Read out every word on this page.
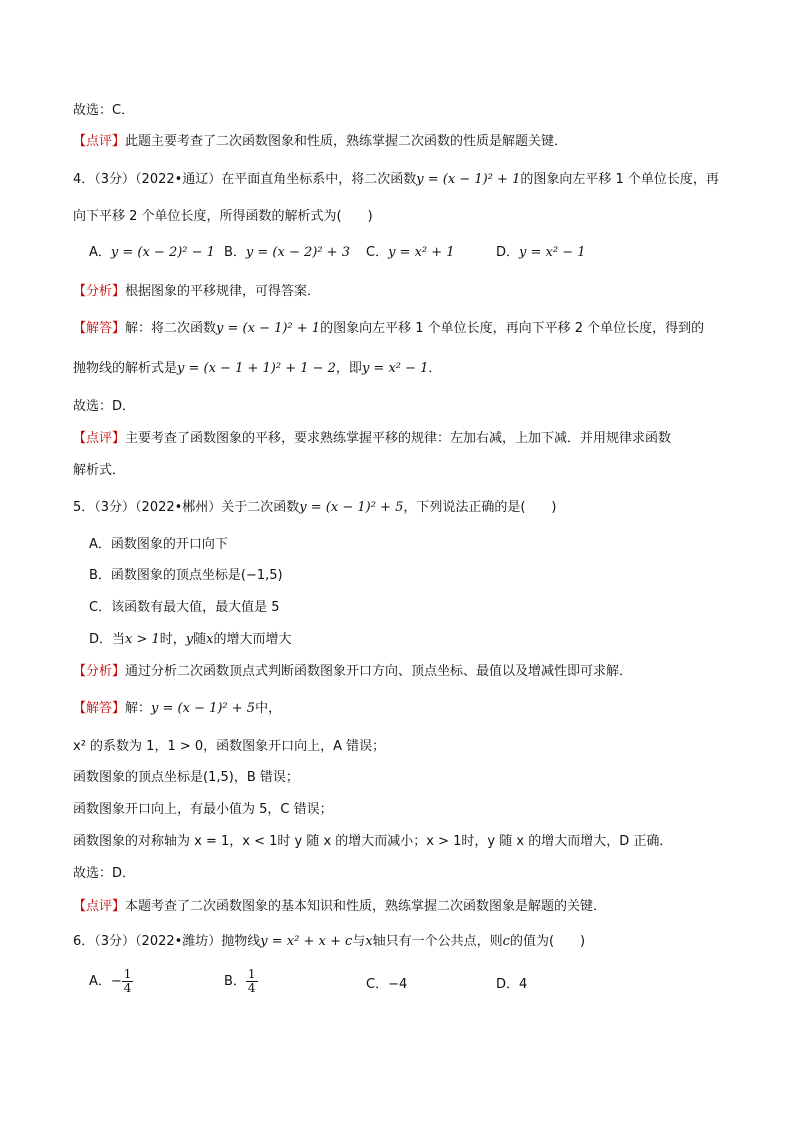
故选：C．
【点评】此题主要考查了二次函数图象和性质，熟练掌握二次函数的性质是解题关键．
4．（3分）（2022•通辽）在平面直角坐标系中，将二次函数y = (x − 1)² + 1的图象向左平移 1 个单位长度，再
向下平移 2 个单位长度，所得函数的解析式为(　　)
A．y = (x − 2)² − 1 B．y = (x − 2)² + 3 C．y = x² + 1	D．y = x² − 1
【分析】根据图象的平移规律，可得答案．
【解答】解：将二次函数y = (x − 1)² + 1的图象向左平移 1 个单位长度，再向下平移 2 个单位长度，得到的
抛物线的解析式是y = (x − 1 + 1)² + 1 − 2，即y = x² − 1．
故选：D．
【点评】主要考查了函数图象的平移，要求熟练掌握平移的规律：左加右减，上加下减．并用规律求函数
解析式．
5．（3分）（2022•郴州）关于二次函数y = (x − 1)² + 5，下列说法正确的是(　　)
A．函数图象的开口向下
B．函数图象的顶点坐标是(−1,5)
C．该函数有最大值，最大值是 5
D．当x > 1时，y随x的增大而增大
【分析】通过分析二次函数顶点式判断函数图象开口方向、顶点坐标、最值以及增减性即可求解．
【解答】解：y = (x − 1)² + 5中，
x² 的系数为 1，1 > 0，函数图象开口向上，A 错误；
函数图象的顶点坐标是(1,5)，B 错误；
函数图象开口向上，有最小值为 5，C 错误；
函数图象的对称轴为 x = 1，x < 1时 y 随 x 的增大而减小；x > 1时，y 随 x 的增大而增大，D 正确．
故选：D．
【点评】本题考查了二次函数图象的基本知识和性质，熟练掌握二次函数图象是解题的关键．
6．（3分）（2022•潍坊）抛物线y = x² + x + c与x轴只有一个公共点，则c的值为(　　)
A．− $\frac{1}{4}$	B． $\frac{1}{4}$	C．−4	D．4
